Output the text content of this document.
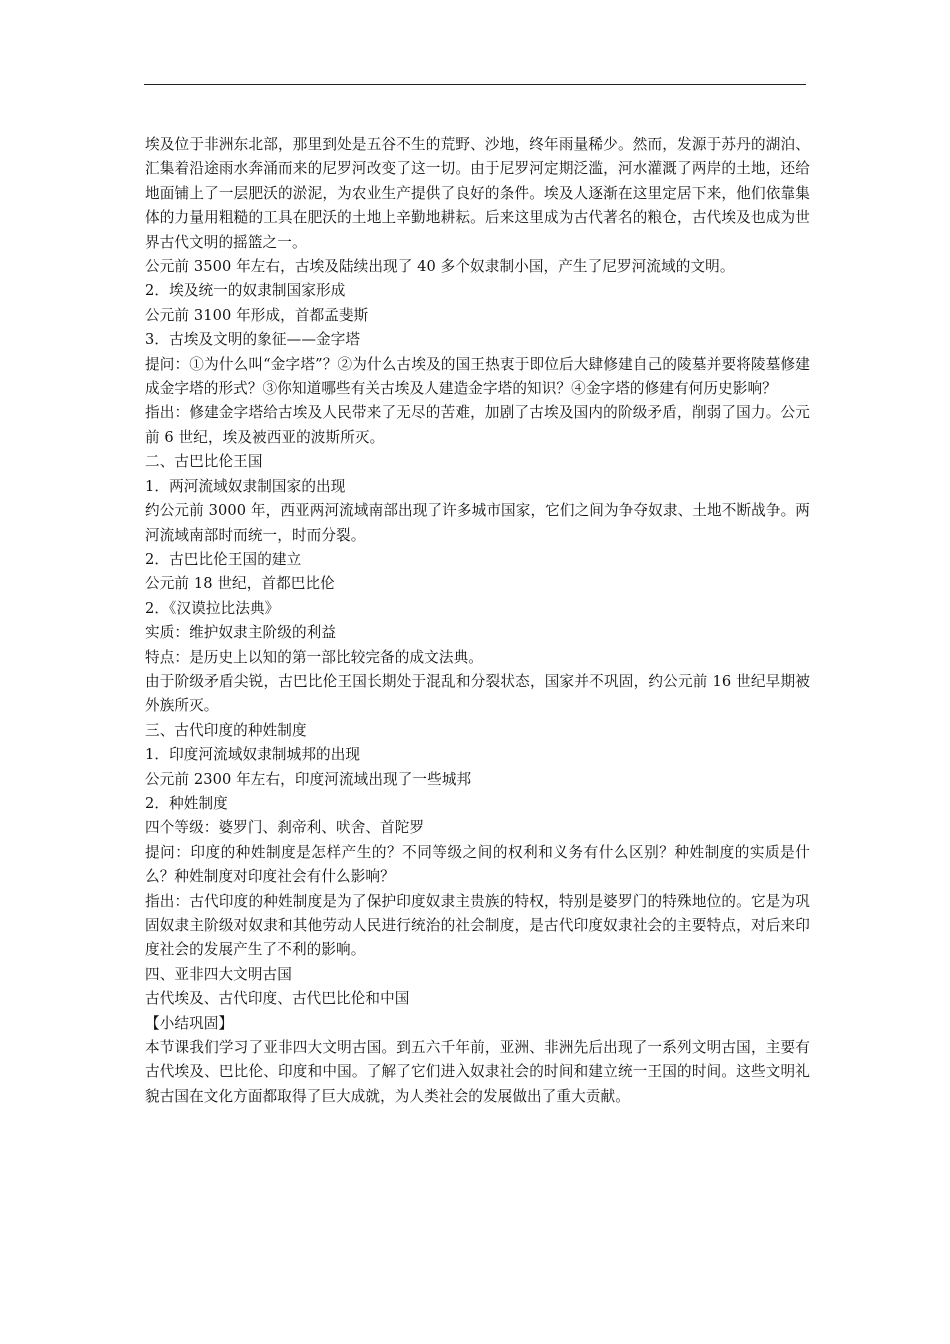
埃及位于非洲东北部，那里到处是五谷不生的荒野、沙地，终年雨量稀少。然而，发源于苏丹的湖泊、汇集着沿途雨水奔涌而来的尼罗河改变了这一切。由于尼罗河定期泛滥，河水灌溉了两岸的土地，还给地面铺上了一层肥沃的淤泥，为农业生产提供了良好的条件。埃及人逐渐在这里定居下来，他们依靠集体的力量用粗糙的工具在肥沃的土地上辛勤地耕耘。后来这里成为古代著名的粮仓，古代埃及也成为世界古代文明的摇篮之一。

公元前 3500 年左右，古埃及陆续出现了 40 多个奴隶制小国，产生了尼罗河流域的文明。

2．埃及统一的奴隶制国家形成

公元前 3100 年形成，首都孟斐斯

3．古埃及文明的象征——金字塔

提问：①为什么叫“金字塔”？②为什么古埃及的国王热衷于即位后大肆修建自己的陵墓并要将陵墓修建成金字塔的形式？③你知道哪些有关古埃及人建造金字塔的知识？④金字塔的修建有何历史影响？

指出：修建金字塔给古埃及人民带来了无尽的苦难，加剧了古埃及国内的阶级矛盾，削弱了国力。公元前 6 世纪，埃及被西亚的波斯所灭。

二、古巴比伦王国

1．两河流域奴隶制国家的出现

约公元前 3000 年，西亚两河流域南部出现了许多城市国家，它们之间为争夺奴隶、土地不断战争。两河流域南部时而统一，时而分裂。

2．古巴比伦王国的建立

公元前 18 世纪，首都巴比伦

2．《汉谟拉比法典》

实质：维护奴隶主阶级的利益

特点：是历史上以知的第一部比较完备的成文法典。

由于阶级矛盾尖锐，古巴比伦王国长期处于混乱和分裂状态，国家并不巩固，约公元前 16 世纪早期被外族所灭。

三、古代印度的种姓制度

1．印度河流域奴隶制城邦的出现

公元前 2300 年左右，印度河流域出现了一些城邦

2．种姓制度

四个等级：婆罗门、刹帝利、吠舍、首陀罗

提问：印度的种姓制度是怎样产生的？不同等级之间的权利和义务有什么区别？种姓制度的实质是什么？种姓制度对印度社会有什么影响？

指出：古代印度的种姓制度是为了保护印度奴隶主贵族的特权，特别是婆罗门的特殊地位的。它是为巩固奴隶主阶级对奴隶和其他劳动人民进行统治的社会制度，是古代印度奴隶社会的主要特点，对后来印度社会的发展产生了不利的影响。

四、亚非四大文明古国

古代埃及、古代印度、古代巴比伦和中国

【小结巩固】

本节课我们学习了亚非四大文明古国。到五六千年前，亚洲、非洲先后出现了一系列文明古国，主要有古代埃及、巴比伦、印度和中国。了解了它们进入奴隶社会的时间和建立统一王国的时间。这些文明礼貌古国在文化方面都取得了巨大成就，为人类社会的发展做出了重大贡献。
